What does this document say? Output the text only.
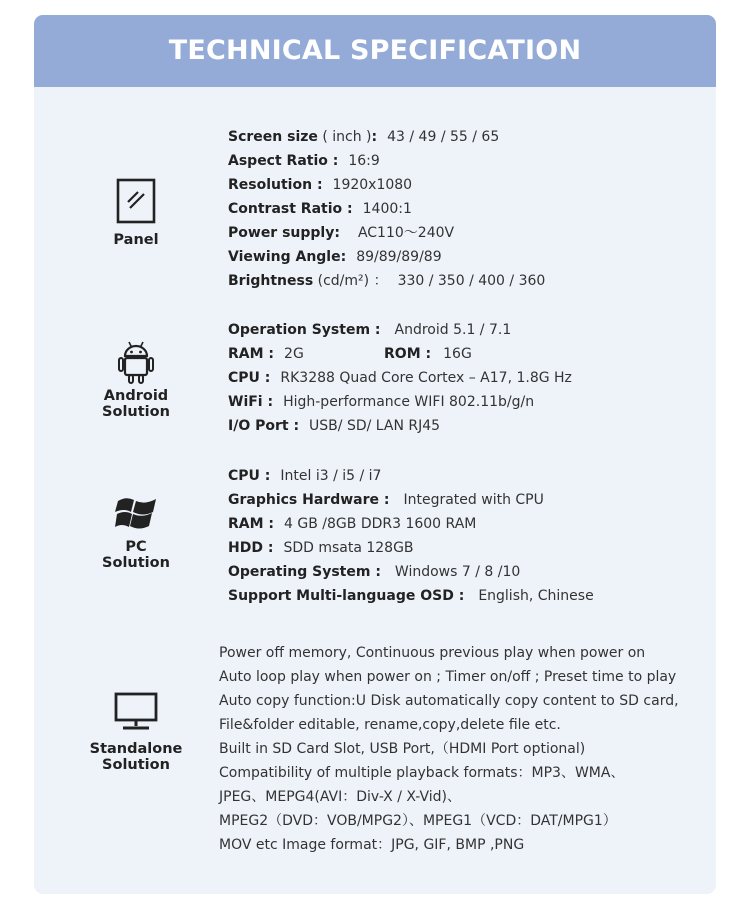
TECHNICAL SPECIFICATION
Panel
Screen size ( inch ): 43 / 49 / 55 / 65
Aspect Ratio : 16:9
Resolution : 1920x1080
Contrast Ratio : 1400:1
Power supply: AC110～240V
Viewing Angle: 89/89/89/89
Brightness (cd/m²) ： 330 / 350 / 400 / 360
Android
Solution
Operation System : Android 5.1 / 7.1
RAM : 2G	ROM : 16G
CPU : RK3288 Quad Core Cortex – A17, 1.8G Hz
WiFi : High-performance WIFI 802.11b/g/n
I/O Port : USB/ SD/ LAN RJ45
PC
Solution
CPU : Intel i3 / i5 / i7
Graphics Hardware : Integrated with CPU
RAM : 4 GB /8GB DDR3 1600 RAM
HDD : SDD msata 128GB
Operating System : Windows 7 / 8 /10
Support Multi-language OSD : English, Chinese
Standalone
Solution
Power off memory, Continuous previous play when power on
Auto loop play when power on ; Timer on/off ; Preset time to play
Auto copy function:U Disk automatically copy content to SD card,
File&folder editable, rename,copy,delete file etc.
Built in SD Card Slot, USB Port,（HDMI Port optional)
Compatibility of multiple playback formats：MP3、WMA、
JPEG、MEPG4(AVI：Div-X / X-Vid)、
MPEG2（DVD：VOB/MPG2）、MPEG1（VCD：DAT/MPG1）
MOV etc Image format：JPG, GIF, BMP ,PNG
